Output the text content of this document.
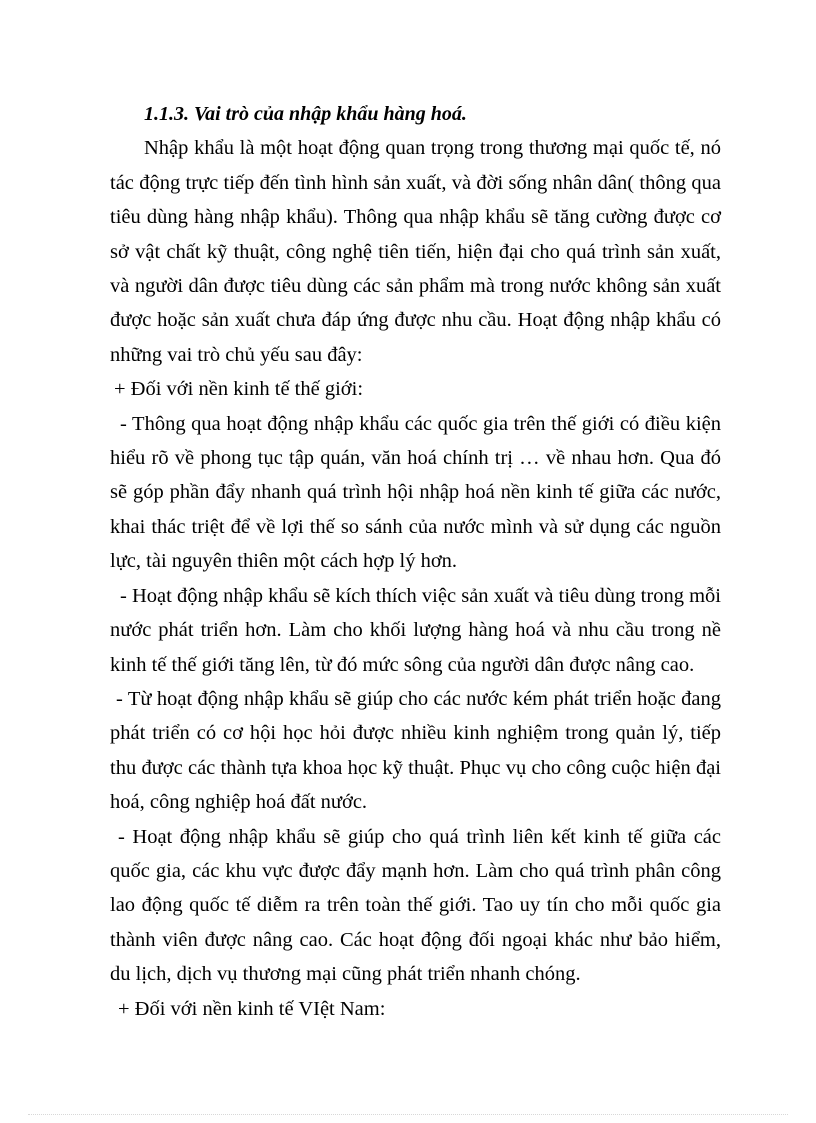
1.1.3. Vai trò của nhập khẩu hàng hoá.

Nhập khẩu là một hoạt động quan trọng trong thương mại quốc tế, nó tác động trực tiếp đến tình hình sản xuất, và đời sống nhân dân( thông qua tiêu dùng hàng nhập khẩu). Thông qua nhập khẩu sẽ tăng cường được cơ sở vật chất kỹ thuật, công nghệ tiên tiến, hiện đại cho quá trình sản xuất, và người dân được tiêu dùng các sản phẩm mà trong nước không sản xuất được hoặc sản xuất chưa đáp ứng được nhu cầu. Hoạt động nhập khẩu có những vai trò chủ yếu sau đây:

+ Đối với nền kinh tế thế giới:

- Thông qua hoạt động nhập khẩu các quốc gia trên thế giới có điều kiện hiểu rõ về phong tục tập quán, văn hoá chính trị … về nhau hơn. Qua đó sẽ góp phần đẩy nhanh quá trình hội nhập hoá nền kinh tế giữa các nước, khai thác triệt để về lợi thế so sánh của nước mình và sử dụng các nguồn lực, tài nguyên thiên một cách hợp lý hơn.

- Hoạt động nhập khẩu sẽ kích thích việc sản xuất và tiêu dùng trong mỗi nước phát triển hơn. Làm cho khối lượng hàng hoá và nhu cầu trong nề kinh tế thế giới tăng lên, từ đó mức sông của người dân được nâng cao.

- Từ hoạt động nhập khẩu sẽ giúp cho các nước kém phát triển hoặc đang phát triển có cơ hội học hỏi được nhiều kinh nghiệm trong quản lý, tiếp thu được các thành tựa khoa học kỹ thuật. Phục vụ cho công cuộc hiện đại hoá, công nghiệp hoá đất nước.

- Hoạt động nhập khẩu sẽ giúp cho quá trình liên kết kinh tế giữa các quốc gia, các khu vực được đẩy mạnh hơn. Làm cho quá trình phân công lao động quốc tế diễm ra trên toàn thế giới. Tao uy tín cho mỗi quốc gia thành viên được nâng cao. Các hoạt động đối ngoại khác như bảo hiểm, du lịch, dịch vụ thương mại cũng phát triển nhanh chóng.

+ Đối với nền kinh tế VIệt Nam:
